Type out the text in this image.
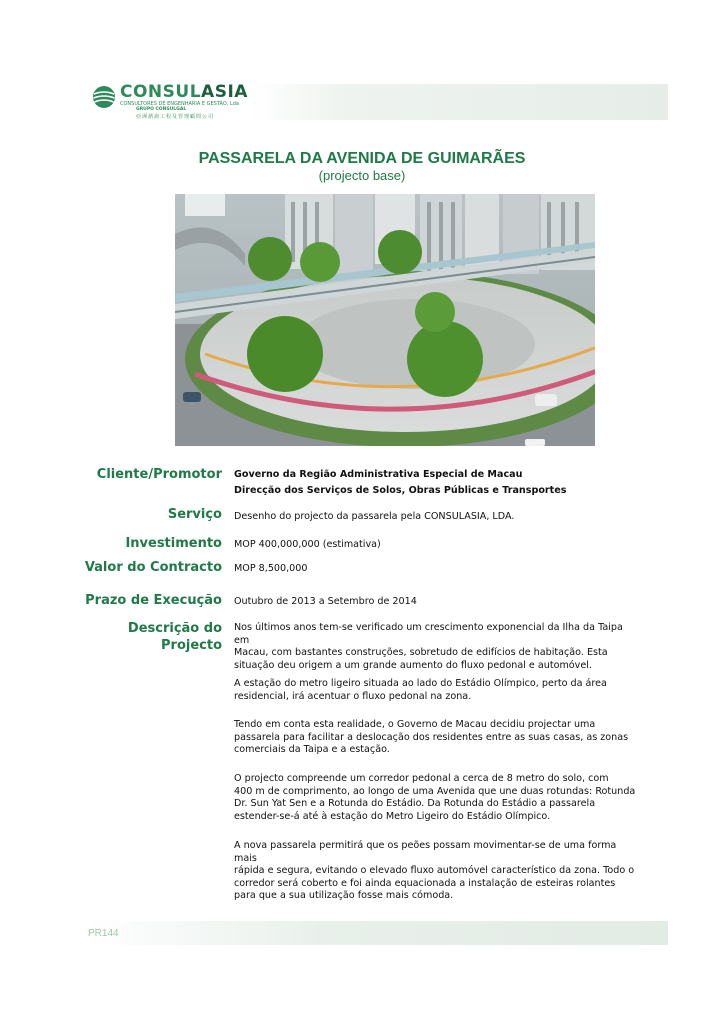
CONSULASIA
CONSULTORES DE ENGENHARIA E GESTÃO, Lda
GRUPO CONSULGAL
亞洲諮詢工程及管理顧問公司
PASSARELA DA AVENIDA DE GUIMARÃES
(projecto base)
Cliente/Promotor Governo da Região Administrativa Especial de Macau
Direcção dos Serviços de Solos, Obras Públicas e Transportes
Serviço Desenho do projecto da passarela pela CONSULASIA, LDA.
Investimento MOP 400,000,000 (estimativa)
Valor do Contracto MOP 8,500,000
Prazo de Execução Outubro de 2013 a Setembro de 2014
Descrição do
Projecto
Nos últimos anos tem-se verificado um crescimento exponencial da Ilha da Taipa em
Macau, com bastantes construções, sobretudo de edifícios de habitação. Esta
situação deu origem a um grande aumento do fluxo pedonal e automóvel.
A estação do metro ligeiro situada ao lado do Estádio Olímpico, perto da área
residencial, irá acentuar o fluxo pedonal na zona.
Tendo em conta esta realidade, o Governo de Macau decidiu projectar uma
passarela para facilitar a deslocação dos residentes entre as suas casas, as zonas
comerciais da Taipa e a estação.
O projecto compreende um corredor pedonal a cerca de 8 metro do solo, com
400 m de comprimento, ao longo de uma Avenida que une duas rotundas: Rotunda
Dr. Sun Yat Sen e a Rotunda do Estádio. Da Rotunda do Estádio a passarela
estender-se-á até à estação do Metro Ligeiro do Estádio Olímpico.
A nova passarela permitirá que os peões possam movimentar-se de uma forma mais
rápida e segura, evitando o elevado fluxo automóvel característico da zona. Todo o
corredor será coberto e foi ainda equacionada a instalação de esteiras rolantes
para que a sua utilização fosse mais cómoda.
PR144
